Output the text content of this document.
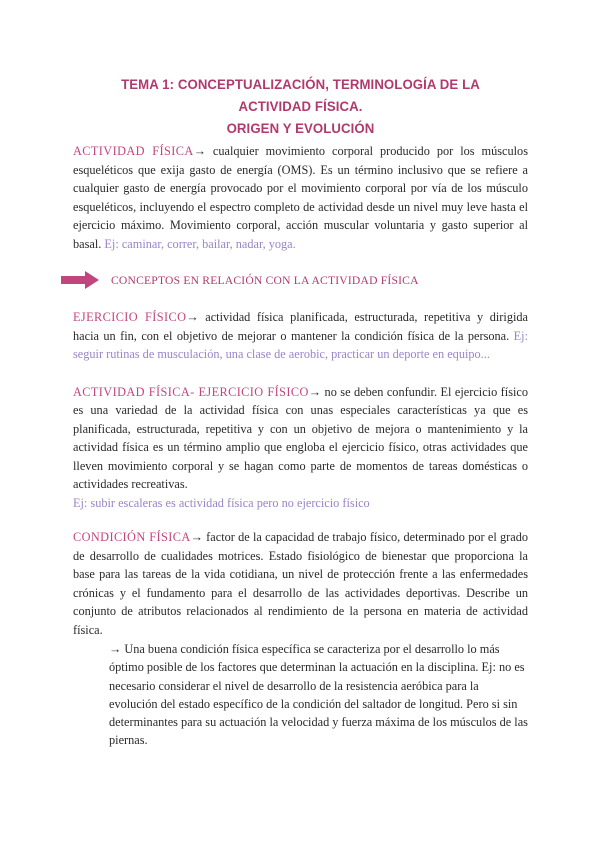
TEMA 1: CONCEPTUALIZACIÓN, TERMINOLOGÍA DE LA ACTIVIDAD FÍSICA.
ORIGEN Y EVOLUCIÓN

ACTIVIDAD FÍSICA→ cualquier movimiento corporal producido por los músculos esqueléticos que exija gasto de energía (OMS). Es un término inclusivo que se refiere a cualquier gasto de energía provocado por el movimiento corporal por vía de los músculo esqueléticos, incluyendo el espectro completo de actividad desde un nivel muy leve hasta el ejercicio máximo. Movimiento corporal, acción muscular voluntaria y gasto superior al basal. Ej: caminar, correr, bailar, nadar, yoga.

CONCEPTOS EN RELACIÓN CON LA ACTIVIDAD FÍSICA

EJERCICIO FÍSICO→ actividad física planificada, estructurada, repetitiva y dirigida hacia un fin, con el objetivo de mejorar o mantener la condición física de la persona. Ej: seguir rutinas de musculación, una clase de aerobic, practicar un deporte en equipo...

ACTIVIDAD FÍSICA- EJERCICIO FÍSICO→ no se deben confundir. El ejercicio físico es una variedad de la actividad física con unas especiales características ya que es planificada, estructurada, repetitiva y con un objetivo de mejora o mantenimiento y la actividad física es un término amplio que engloba el ejercicio físico, otras actividades que lleven movimiento corporal y se hagan como parte de momentos de tareas domésticas o actividades recreativas.
Ej: subir escaleras es actividad física pero no ejercicio físico

CONDICIÓN FÍSICA→ factor de la capacidad de trabajo físico, determinado por el grado de desarrollo de cualidades motrices. Estado fisiológico de bienestar que proporciona la base para las tareas de la vida cotidiana, un nivel de protección frente a las enfermedades crónicas y el fundamento para el desarrollo de las actividades deportivas. Describe un conjunto de atributos relacionados al rendimiento de la persona en materia de actividad física.

→ Una buena condición física específica se caracteriza por el desarrollo lo más óptimo posible de los factores que determinan la actuación en la disciplina. Ej: no es necesario considerar el nivel de desarrollo de la resistencia aeróbica para la evolución del estado específico de la condición del saltador de longitud. Pero si sin determinantes para su actuación la velocidad y fuerza máxima de los músculos de las piernas.
